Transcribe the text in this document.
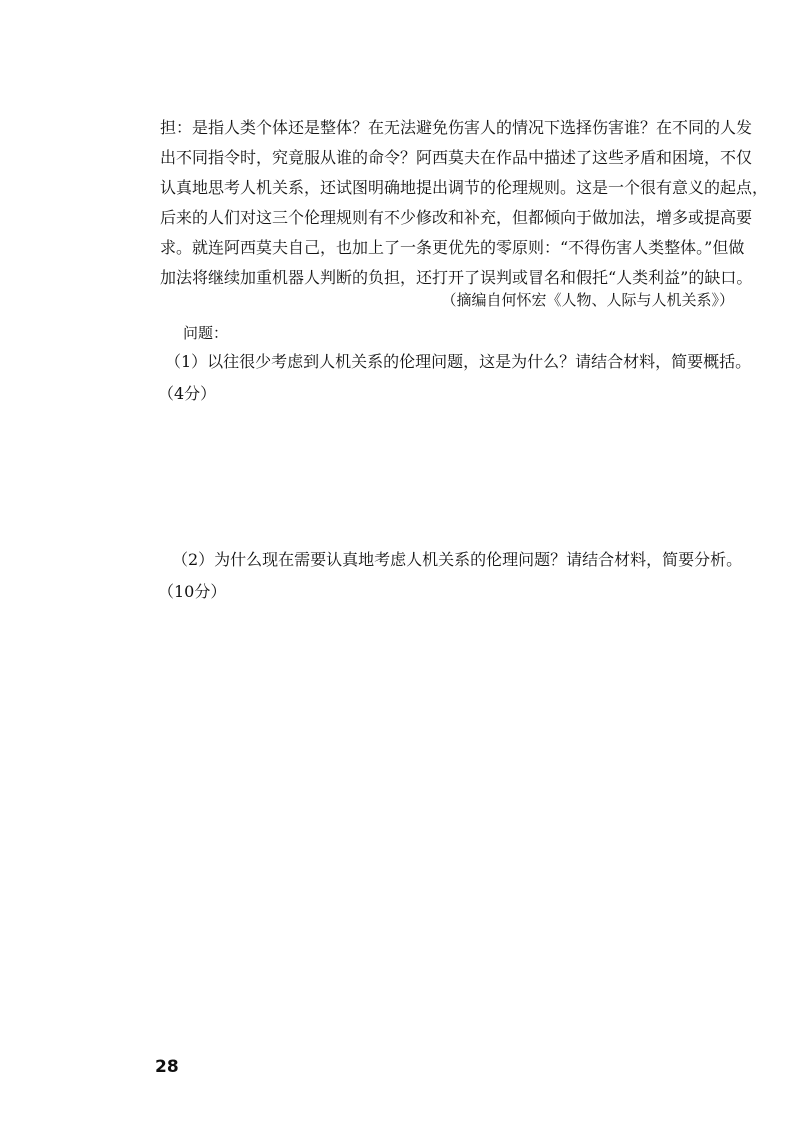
担：是指人类个体还是整体？在无法避免伤害人的情况下选择伤害谁？在不同的人发
出不同指令时，究竟服从谁的命令？阿西莫夫在作品中描述了这些矛盾和困境，不仅
认真地思考人机关系，还试图明确地提出调节的伦理规则。这是一个很有意义的起点，
后来的人们对这三个伦理规则有不少修改和补充，但都倾向于做加法，增多或提高要
求。就连阿西莫夫自己，也加上了一条更优先的零原则：“不得伤害人类整体。”但做
加法将继续加重机器人判断的负担，还打开了误判或冒名和假托“人类利益”的缺口。
（摘编自何怀宏《人物、人际与人机关系》）
问题：
（1）以往很少考虑到人机关系的伦理问题，这是为什么？请结合材料，简要概括。
（4分）
（2）为什么现在需要认真地考虑人机关系的伦理问题？请结合材料，简要分析。
（10分）
28
